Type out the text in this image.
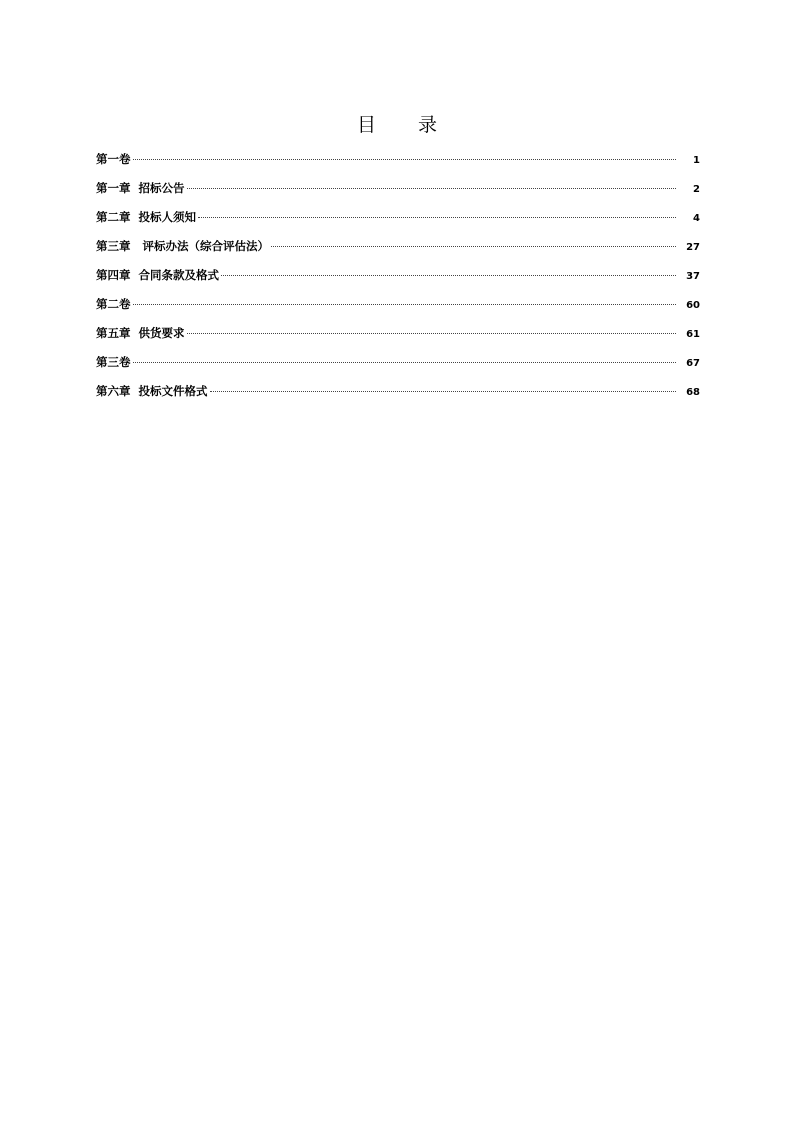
目 录
第一卷	1
第一章  招标公告	2
第二章  投标人须知	4
第三章   评标办法（综合评估法）	27
第四章  合同条款及格式	37
第二卷	60
第五章  供货要求	61
第三卷	67
第六章  投标文件格式	68
